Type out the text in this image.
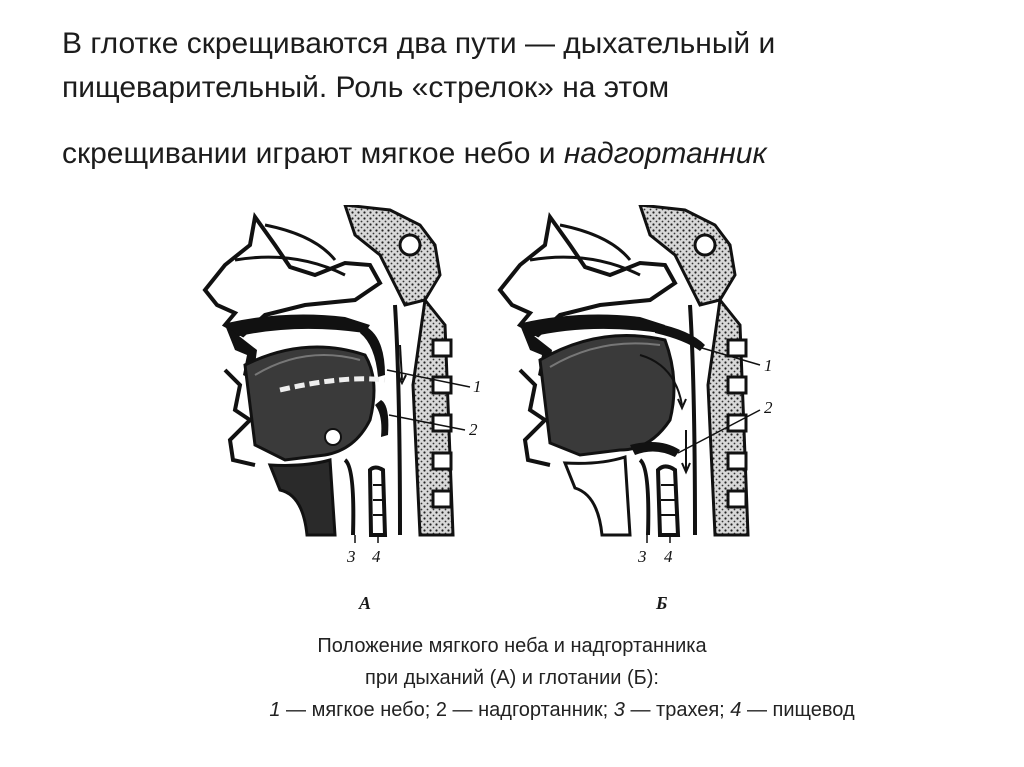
В глотке скрещиваются два пути — дыхательный и
пищеварительный. Роль «стрелок» на этом
скрещивании играют мягкое небо и надгортанник
1
2
3 4
1
2
3 4
А	Б
Положение мягкого неба и надгортанника
при дыханий (А) и глотании (Б):
1 — мягкое небо; 2 — надгортанник; 3 — трахея; 4 — пищевод
